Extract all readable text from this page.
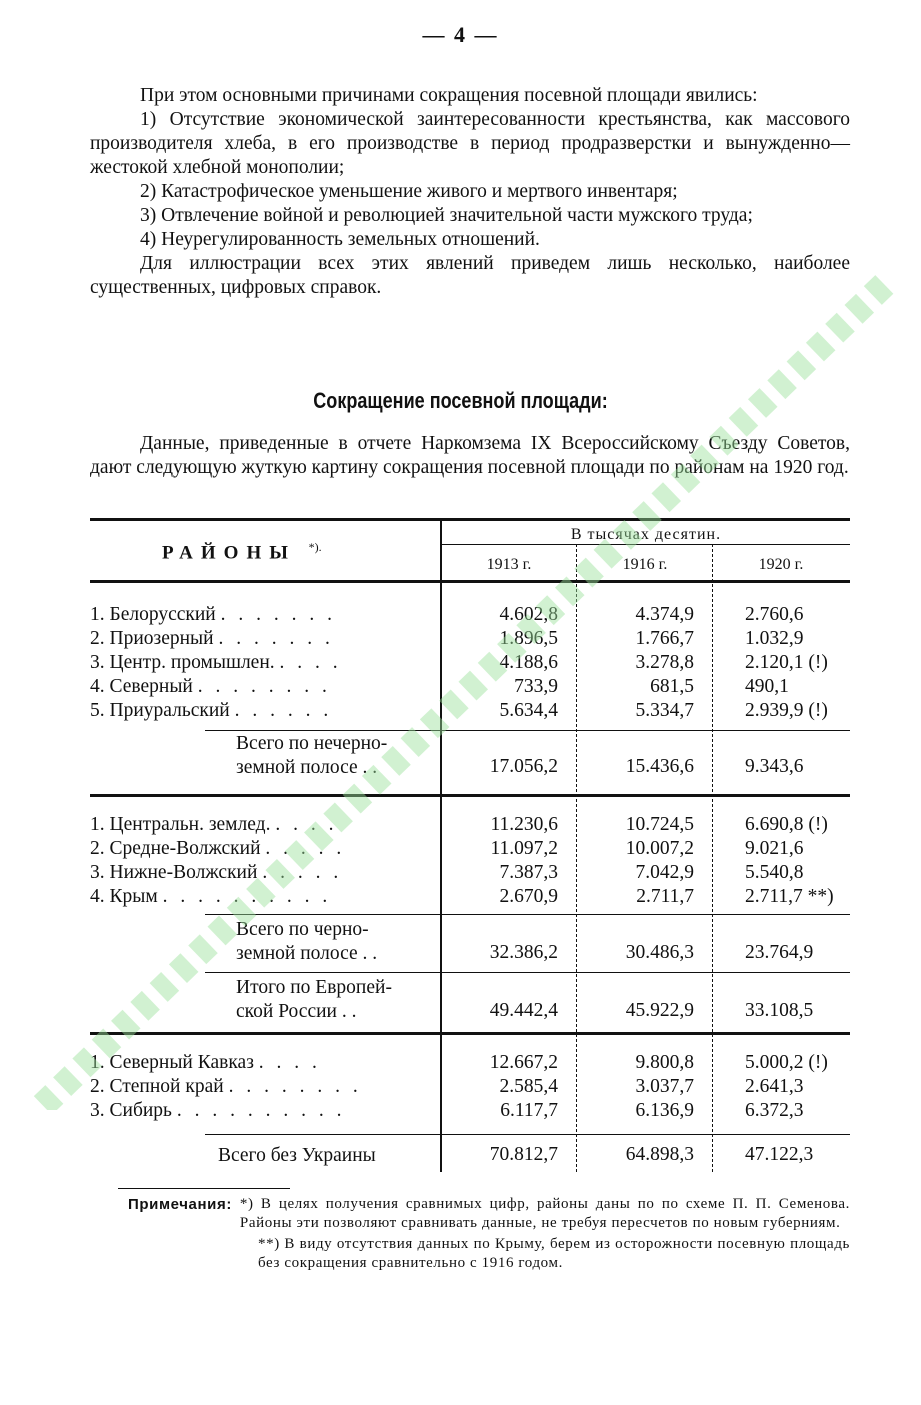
— 4 —

При этом основными причинами сокращения посевной площади явились:

1) Отсутствие экономической заинтересованности крестьянства, как массового производителя хлеба, в его производстве в период продразверстки и вынужденно—жестокой хлебной монополии;

2) Катастрофическое уменьшение живого и мертвого инвентаря;

3) Отвлечение войной и революцией значительной части мужского труда;

4) Неурегулированность земельных отношений.

Для иллюстрации всех этих явлений приведем лишь несколько, наиболее существенных, цифровых справок.

Сокращение посевной площади:

Данные, приведенные в отчете Наркомзема IX Всероссийскому Съезду Советов, дают следующую жуткую картину сокращения посевной площади по районам на 1920 год.

РАЙОНЫ *).
В тысячах десятин.
1913 г.	1916 г.	1920 г.
1. Белорусский . . . . . . .	4.602,8	4.374,9	2.760,6
2. Приозерный . . . . . . .	1.896,5	1.766,7	1.032,9
3. Центр. промышлен. . . . .	4.188,6	3.278,8	2.120,1 (!)
4. Северный . . . . . . . .	733,9	681,5	490,1
5. Приуральский . . . . . .	5.634,4	5.334,7	2.939,9 (!)
Всего по нечерно-
земной полосе . .	17.056,2	15.436,6	9.343,6
1. Центральн. землед. . . . .	11.230,6	10.724,5	6.690,8 (!)
2. Средне-Волжский . . . . .	11.097,2	10.007,2	9.021,6
3. Нижне-Волжский . . . . .	7.387,3	7.042,9	5.540,8
4. Крым . . . . . . . . . .	2.670,9	2.711,7	2.711,7 **)
Всего по черно-
земной полосе . .	32.386,2	30.486,3	23.764,9
Итого по Европей-
ской России . .	49.442,4	45.922,9	33.108,5
1. Северный Кавказ . . . .	12.667,2	9.800,8	5.000,2 (!)
2. Степной край . . . . . . . .	2.585,4	3.037,7	2.641,3
3. Сибирь . . . . . . . . . .	6.117,7	6.136,9	6.372,3
Всего без Украины	70.812,7	64.898,3	47.122,3
Примечания: *) В целях получения сравнимых цифр, районы даны по по схеме П. П. Семенова. Районы эти позволяют сравнивать данные, не требуя пересчетов по новым губерниям.
**) В виду отсутствия данных по Крыму, берем из осторожности посевную площадь без сокращения сравнительно с 1916 годом.
